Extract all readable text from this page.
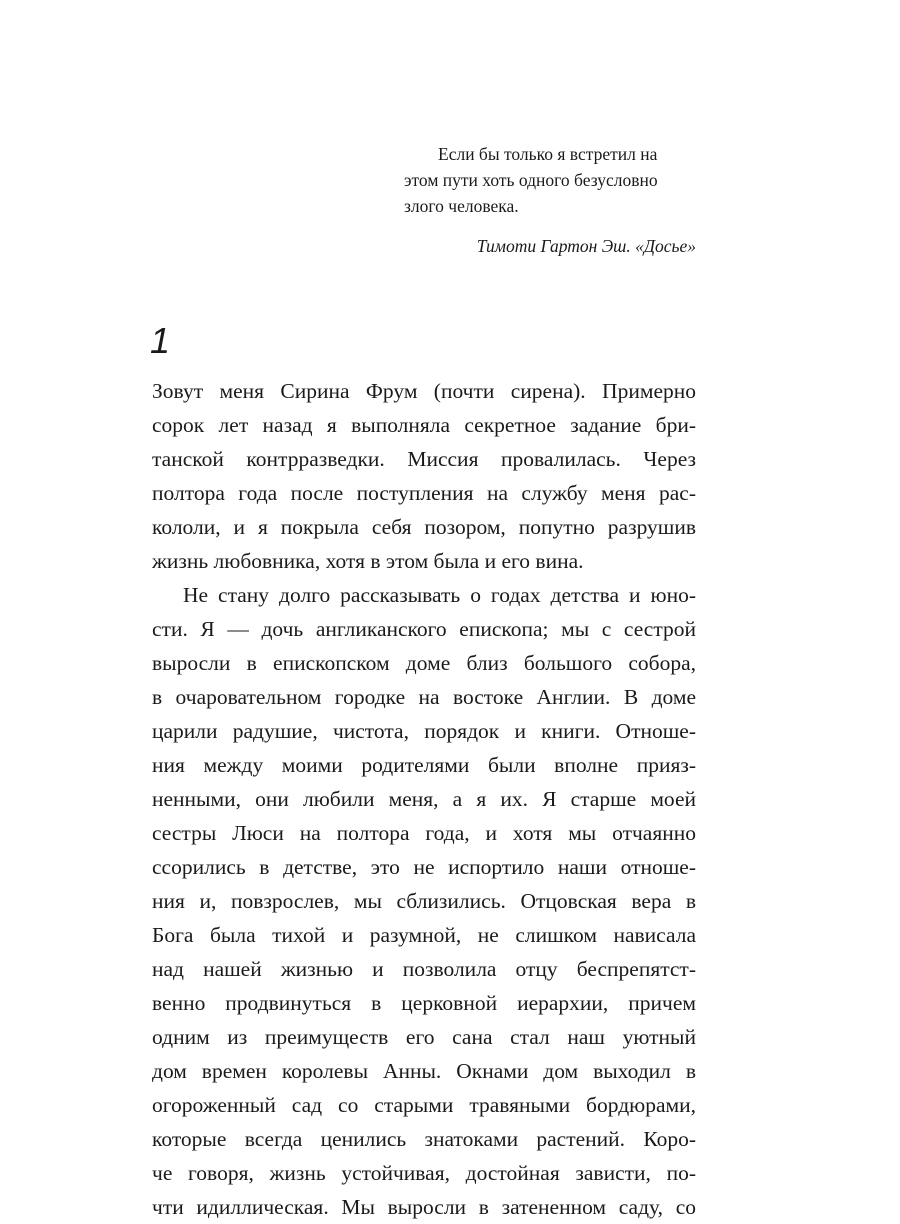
Если бы только я встретил на
этом пути хоть одного безусловно
злого человека.
Тимоти Гартон Эш. «Досье»
1
Зовут меня Сирина Фрум (почти сирена). Примерно
сорок лет назад я выполняла секретное задание бри-
танской контрразведки. Миссия провалилась. Через
полтора года после поступления на службу меня рас-
кололи, и я покрыла себя позором, попутно разрушив
жизнь любовника, хотя в этом была и его вина.
Не стану долго рассказывать о годах детства и юно-
сти. Я — дочь англиканского епископа; мы с сестрой
выросли в епископском доме близ большого собора,
в очаровательном городке на востоке Англии. В доме
царили радушие, чистота, порядок и книги. Отноше-
ния между моими родителями были вполне прияз-
ненными, они любили меня, а я их. Я старше моей
сестры Люси на полтора года, и хотя мы отчаянно
ссорились в детстве, это не испортило наши отноше-
ния и, повзрослев, мы сблизились. Отцовская вера в
Бога была тихой и разумной, не слишком нависала
над нашей жизнью и позволила отцу беспрепятст-
венно продвинуться в церковной иерархии, причем
одним из преимуществ его сана стал наш уютный
дом времен королевы Анны. Окнами дом выходил в
огороженный сад со старыми травяными бордюрами,
которые всегда ценились знатоками растений. Коро-
че говоря, жизнь устойчивая, достойная зависти, по-
чти идиллическая. Мы выросли в затененном саду, со
